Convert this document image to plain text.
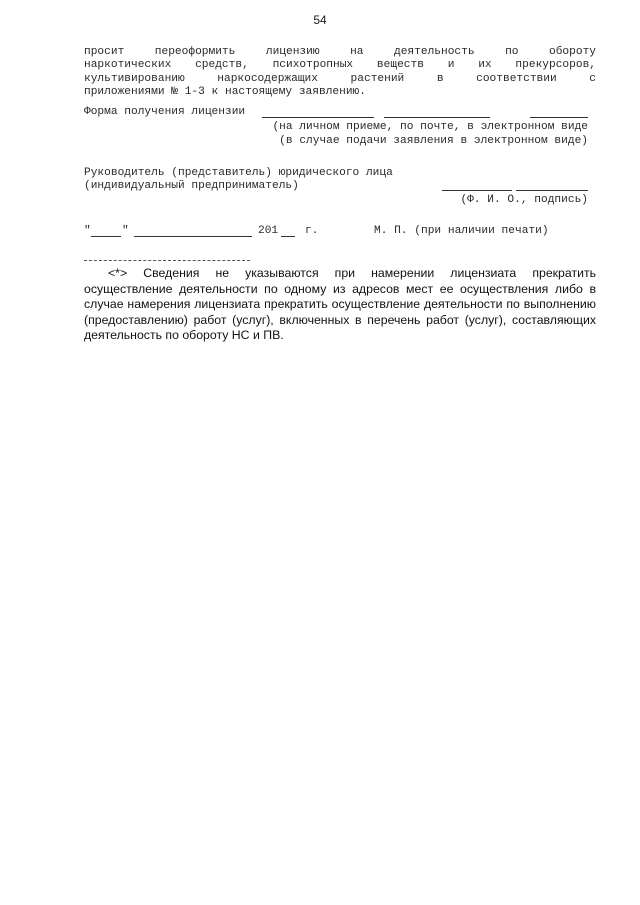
54
просит переоформить лицензию на деятельность по обороту
наркотических средств, психотропных веществ и их прекурсоров,
культивированию наркосодержащих растений в соответствии с
приложениями № 1-3 к настоящему заявлению.
Форма получения лицензии
(на личном приеме, по почте, в электронном виде
(в случае подачи заявления в электронном виде)
Руководитель (представитель) юридического лица
(индивидуальный предприниматель)
(Ф. И. О., подпись)
"	"	201 г.	М. П. (при наличии печати)
<*> Сведения не указываются при намерении лицензиата прекратить осуществление деятельности по одному из адресов мест ее осуществления либо в случае намерения лицензиата прекратить осуществление деятельности по выполнению (предоставлению) работ (услуг), включенных в перечень работ (услуг), составляющих деятельность по обороту НС и ПВ.
